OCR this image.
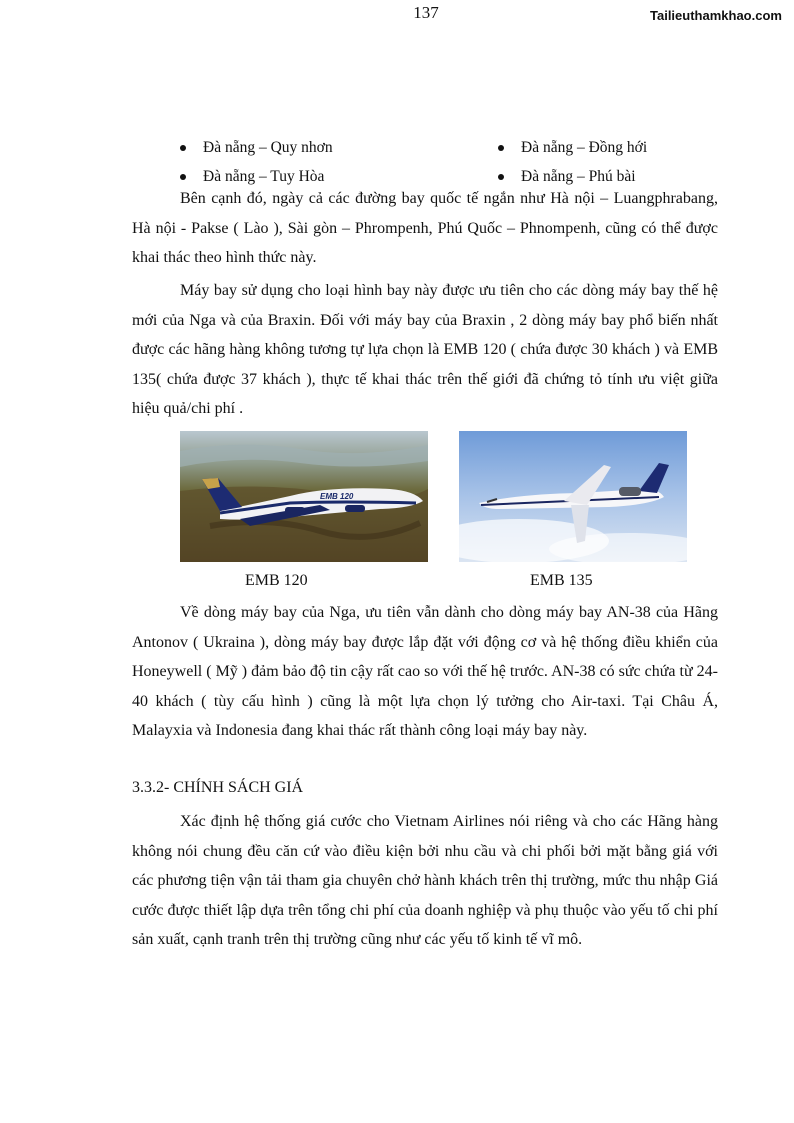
137	Tailieuthamkhao.com
Đà nẵng – Quy nhơn	Đà nẵng – Đồng hới
Đà nẵng – Tuy Hòa	Đà nẵng – Phú bài

Bên cạnh đó, ngày cả các đường bay quốc tế ngắn như Hà nội – Luangphrabang, Hà nội - Pakse ( Lào ), Sài gòn – Phrompenh, Phú Quốc – Phnompenh, cũng có thể được khai thác theo hình thức này.

Máy bay sử dụng cho loại hình bay này được ưu tiên cho các dòng máy bay thế hệ mới của Nga và của Braxin. Đối với máy bay của Braxin , 2 dòng máy bay phổ biến nhất được các hãng hàng không tương tự lựa chọn là EMB 120 ( chứa được 30 khách ) và EMB 135( chứa được 37 khách ), thực tế khai thác trên thế giới đã chứng tỏ tính ưu việt giữa hiệu quả/chi phí .

EMB 120
EMB 120	EMB 135

Về dòng máy bay của Nga, ưu tiên vẫn dành cho dòng máy bay AN-38 của Hãng Antonov ( Ukraina ), dòng máy bay được lắp đặt với động cơ và hệ thống điều khiển của Honeywell ( Mỹ ) đảm bảo độ tin cậy rất cao so với thế hệ trước. AN-38 có sức chứa từ 24-40 khách ( tùy cấu hình ) cũng là một lựa chọn lý tưởng cho Air-taxi. Tại Châu Á, Malayxia và Indonesia đang khai thác rất thành công loại máy bay này.

3.3.2- CHÍNH SÁCH GIÁ

Xác định hệ thống giá cước cho Vietnam Airlines nói riêng và cho các Hãng hàng không nói chung đều căn cứ vào điều kiện bởi nhu cầu và chi phối bởi mặt bằng giá với các phương tiện vận tải tham gia chuyên chở hành khách trên thị trường, mức thu nhập Giá cước được thiết lập dựa trên tổng chi phí của doanh nghiệp và phụ thuộc vào yếu tố chi phí sản xuất, cạnh tranh trên thị trường cũng như các yếu tố kinh tế vĩ mô.
